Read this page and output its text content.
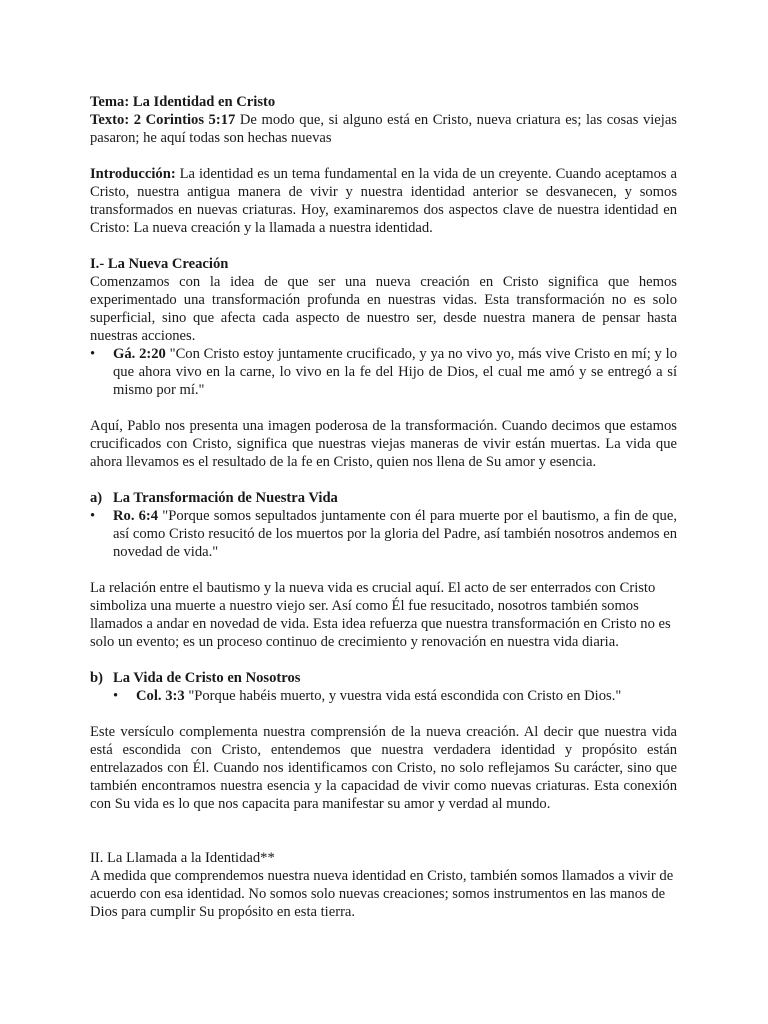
Tema: La Identidad en Cristo

Texto: 2 Corintios 5:17 De modo que, si alguno está en Cristo, nueva criatura es; las cosas viejas pasaron; he aquí todas son hechas nuevas

Introducción: La identidad es un tema fundamental en la vida de un creyente. Cuando aceptamos a Cristo, nuestra antigua manera de vivir y nuestra identidad anterior se desvanecen, y somos transformados en nuevas criaturas. Hoy, examinaremos dos aspectos clave de nuestra identidad en Cristo: La nueva creación y la llamada a nuestra identidad.

I.- La Nueva Creación

Comenzamos con la idea de que ser una nueva creación en Cristo significa que hemos experimentado una transformación profunda en nuestras vidas. Esta transformación no es solo superficial, sino que afecta cada aspecto de nuestro ser, desde nuestra manera de pensar hasta nuestras acciones.

• Gá. 2:20 "Con Cristo estoy juntamente crucificado, y ya no vivo yo, más vive Cristo en mí; y lo que ahora vivo en la carne, lo vivo en la fe del Hijo de Dios, el cual me amó y se entregó a sí mismo por mí."

Aquí, Pablo nos presenta una imagen poderosa de la transformación. Cuando decimos que estamos crucificados con Cristo, significa que nuestras viejas maneras de vivir están muertas. La vida que ahora llevamos es el resultado de la fe en Cristo, quien nos llena de Su amor y esencia.

a) La Transformación de Nuestra Vida

• Ro. 6:4 "Porque somos sepultados juntamente con él para muerte por el bautismo, a fin de que, así como Cristo resucitó de los muertos por la gloria del Padre, así también nosotros andemos en novedad de vida."

La relación entre el bautismo y la nueva vida es crucial aquí. El acto de ser enterrados con Cristo simboliza una muerte a nuestro viejo ser. Así como Él fue resucitado, nosotros también somos llamados a andar en novedad de vida. Esta idea refuerza que nuestra transformación en Cristo no es solo un evento; es un proceso continuo de crecimiento y renovación en nuestra vida diaria.

b) La Vida de Cristo en Nosotros

• Col. 3:3 "Porque habéis muerto, y vuestra vida está escondida con Cristo en Dios."

Este versículo complementa nuestra comprensión de la nueva creación. Al decir que nuestra vida está escondida con Cristo, entendemos que nuestra verdadera identidad y propósito están entrelazados con Él. Cuando nos identificamos con Cristo, no solo reflejamos Su carácter, sino que también encontramos nuestra esencia y la capacidad de vivir como nuevas criaturas. Esta conexión con Su vida es lo que nos capacita para manifestar su amor y verdad al mundo.

II. La Llamada a la Identidad**

A medida que comprendemos nuestra nueva identidad en Cristo, también somos llamados a vivir de acuerdo con esa identidad. No somos solo nuevas creaciones; somos instrumentos en las manos de Dios para cumplir Su propósito en esta tierra.
